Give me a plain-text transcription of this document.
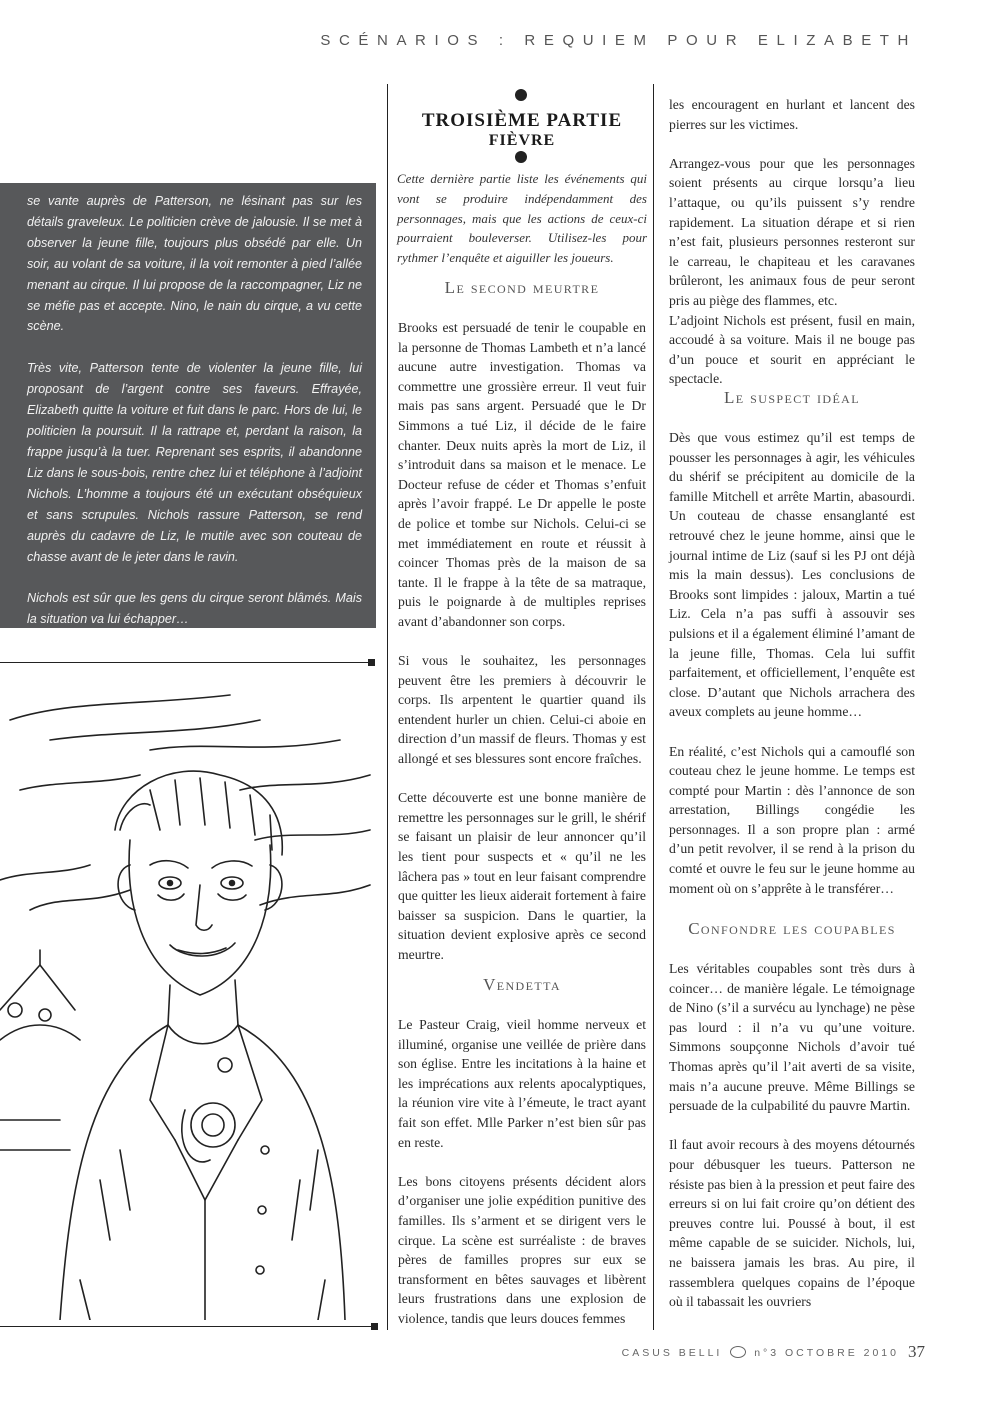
SCÉNARIOS : REQUIEM POUR ELIZABETH

se vante auprès de Patterson, ne lésinant pas sur les détails graveleux. Le politicien crève de jalousie. Il se met à observer la jeune fille, toujours plus obsédé par elle. Un soir, au volant de sa voiture, il la voit remonter à pied l’allée menant au cirque. Il lui propose de la raccompagner, Liz ne se méfie pas et accepte. Nino, le nain du cirque, a vu cette scène.

Très vite, Patterson tente de violenter la jeune fille, lui proposant de l’argent contre ses faveurs. Effrayée, Elizabeth quitte la voiture et fuit dans le parc. Hors de lui, le politicien la poursuit. Il la rattrape et, perdant la raison, la frappe jusqu’à la tuer. Reprenant ses esprits, il abandonne Liz dans le sous-bois, rentre chez lui et téléphone à l’adjoint Nichols. L’homme a toujours été un exécutant obséquieux et sans scrupules. Nichols rassure Patterson, se rend auprès du cadavre de Liz, le mutile avec son couteau de chasse avant de le jeter dans le ravin.

Nichols est sûr que les gens du cirque seront blâmés. Mais la situation va lui échapper…

TROISIÈME PARTIE
FIÈVRE
Cette dernière partie liste les événements qui vont se produire indépendamment des personnages, mais que les actions de ceux-ci pourraient bouleverser. Utilisez-les pour rythmer l’enquête et aiguiller les joueurs.
Le second meurtre

Brooks est persuadé de tenir le coupable en la personne de Thomas Lambeth et n’a lancé aucune autre investigation. Thomas va commettre une grossière erreur. Il veut fuir mais pas sans argent. Persuadé que le Dr Simmons a tué Liz, il décide de le faire chanter. Deux nuits après la mort de Liz, il s’introduit dans sa maison et le menace. Le Docteur refuse de céder et Thomas s’enfuit après l’avoir frappé. Le Dr appelle le poste de police et tombe sur Nichols. Celui-ci se met immédiatement en route et réussit à coincer Thomas près de la maison de sa tante. Il le frappe à la tête de sa matraque, puis le poignarde à de multiples reprises avant d’abandonner son corps.

Si vous le souhaitez, les personnages peuvent être les premiers à découvrir le corps. Ils arpentent le quartier quand ils entendent hurler un chien. Celui-ci aboie en direction d’un massif de fleurs. Thomas y est allongé et ses blessures sont encore fraîches.

Cette découverte est une bonne manière de remettre les personnages sur le grill, le shérif se faisant un plaisir de leur annoncer qu’il les tient pour suspects et « qu’il ne les lâchera pas » tout en leur faisant comprendre que quitter les lieux aiderait fortement à faire baisser sa suspicion. Dans le quartier, la situation devient explosive après ce second meurtre.

Vendetta

Le Pasteur Craig, vieil homme nerveux et illuminé, organise une veillée de prière dans son église. Entre les incitations à la haine et les imprécations aux relents apocalyptiques, la réunion vire vite à l’émeute, le tract ayant fait son effet. Mlle Parker n’est bien sûr pas en reste.

Les bons citoyens présents décident alors d’organiser une jolie expédition punitive des familles. Ils s’arment et se dirigent vers le cirque. La scène est surréaliste : de braves pères de familles propres sur eux se transforment en bêtes sauvages et libèrent leurs frustrations dans une explosion de violence, tandis que leurs douces femmes

les encouragent en hurlant et lancent des pierres sur les victimes.

Arrangez-vous pour que les personnages soient présents au cirque lorsqu’a lieu l’attaque, ou qu’ils puissent s’y rendre rapidement. La situation dérape et si rien n’est fait, plusieurs personnes resteront sur le carreau, le chapiteau et les caravanes brûleront, les animaux fous de peur seront pris au piège des flammes, etc.

L’adjoint Nichols est présent, fusil en main, accoudé à sa voiture. Mais il ne bouge pas d’un pouce et sourit en appréciant le spectacle.

Le suspect idéal

Dès que vous estimez qu’il est temps de pousser les personnages à agir, les véhicules du shérif se précipitent au domicile de la famille Mitchell et arrête Martin, abasourdi. Un couteau de chasse ensanglanté est retrouvé chez le jeune homme, ainsi que le journal intime de Liz (sauf si les PJ ont déjà mis la main dessus). Les conclusions de Brooks sont limpides : jaloux, Martin a tué Liz. Cela n’a pas suffi à assouvir ses pulsions et il a également éliminé l’amant de la jeune fille, Thomas. Cela lui suffit parfaitement, et officiellement, l’enquête est close. D’autant que Nichols arrachera des aveux complets au jeune homme…

En réalité, c’est Nichols qui a camouflé son couteau chez le jeune homme. Le temps est compté pour Martin : dès l’annonce de son arrestation, Billings congédie les personnages. Il a son propre plan : armé d’un petit revolver, il se rend à la prison du comté et ouvre le feu sur le jeune homme au moment où on s’apprête à le transférer…

Confondre les coupables

Les véritables coupables sont très durs à coincer… de manière légale. Le témoignage de Nino (s’il a survécu au lynchage) ne pèse pas lourd : il n’a vu qu’une voiture. Simmons soupçonne Nichols d’avoir tué Thomas après qu’il l’ait averti de sa visite, mais n’a aucune preuve. Même Billings se persuade de la culpabilité du pauvre Martin.

Il faut avoir recours à des moyens détournés pour débusquer les tueurs. Patterson ne résiste pas bien à la pression et peut faire des erreurs si on lui fait croire qu’on détient des preuves contre lui. Poussé à bout, il est même capable de se suicider. Nichols, lui, ne baissera jamais les bras. Au pire, il rassemblera quelques copains de l’époque où il tabassait les ouvriers

CASUS BELLI	n°3 OCTOBRE 2010 37
